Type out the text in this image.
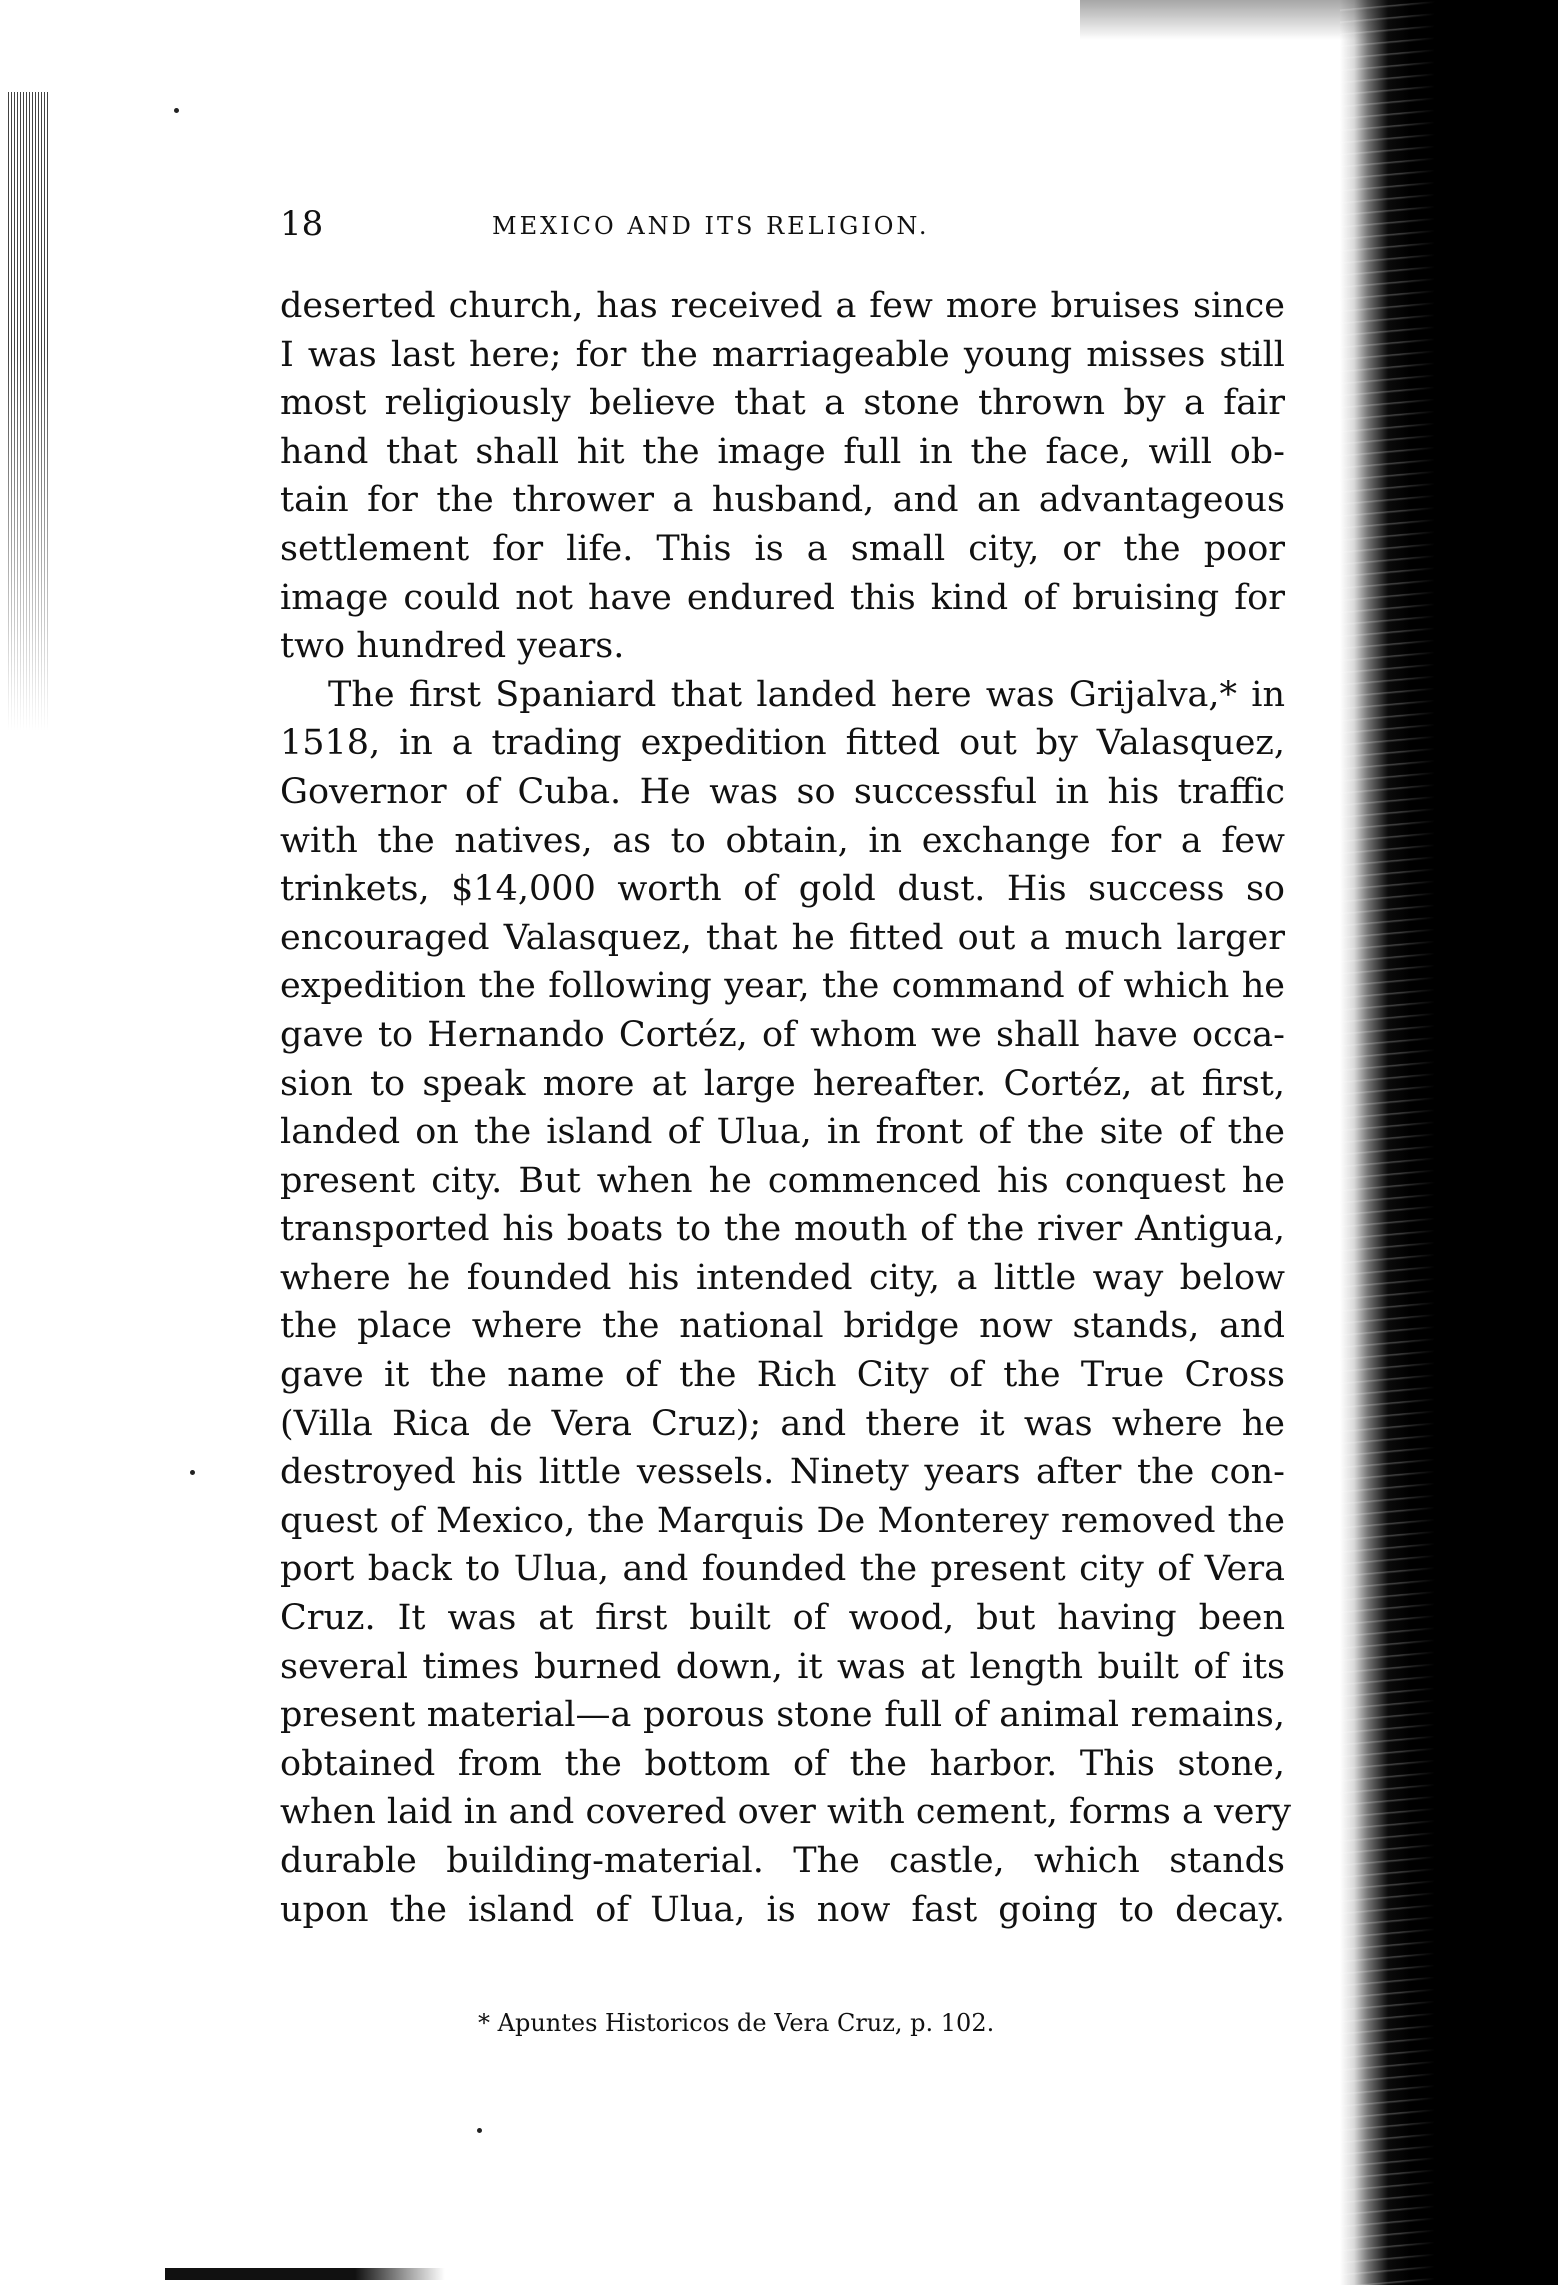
18	MEXICO AND ITS RELIGION.
deserted church, has received a few more bruises since
I was last here; for the marriageable young misses still
most religiously believe that a stone thrown by a fair
hand that shall hit the image full in the face, will ob-
tain for the thrower a husband, and an advantageous
settlement for life. This is a small city, or the poor
image could not have endured this kind of bruising for
two hundred years.
The first Spaniard that landed here was Grijalva,* in
1518, in a trading expedition fitted out by Valasquez,
Governor of Cuba. He was so successful in his traffic
with the natives, as to obtain, in exchange for a few
trinkets, $14,000 worth of gold dust. His success so
encouraged Valasquez, that he fitted out a much larger
expedition the following year, the command of which he
gave to Hernando Cortéz, of whom we shall have occa-
sion to speak more at large hereafter. Cortéz, at first,
landed on the island of Ulua, in front of the site of the
present city. But when he commenced his conquest he
transported his boats to the mouth of the river Antigua,
where he founded his intended city, a little way below
the place where the national bridge now stands, and
gave it the name of the Rich City of the True Cross
(Villa Rica de Vera Cruz); and there it was where he
destroyed his little vessels. Ninety years after the con-
quest of Mexico, the Marquis De Monterey removed the
port back to Ulua, and founded the present city of Vera
Cruz. It was at first built of wood, but having been
several times burned down, it was at length built of its
present material—a porous stone full of animal remains,
obtained from the bottom of the harbor. This stone,
when laid in and covered over with cement, forms a very
durable building-material. The castle, which stands
upon the island of Ulua, is now fast going to decay.
* Apuntes Historicos de Vera Cruz, p. 102.
